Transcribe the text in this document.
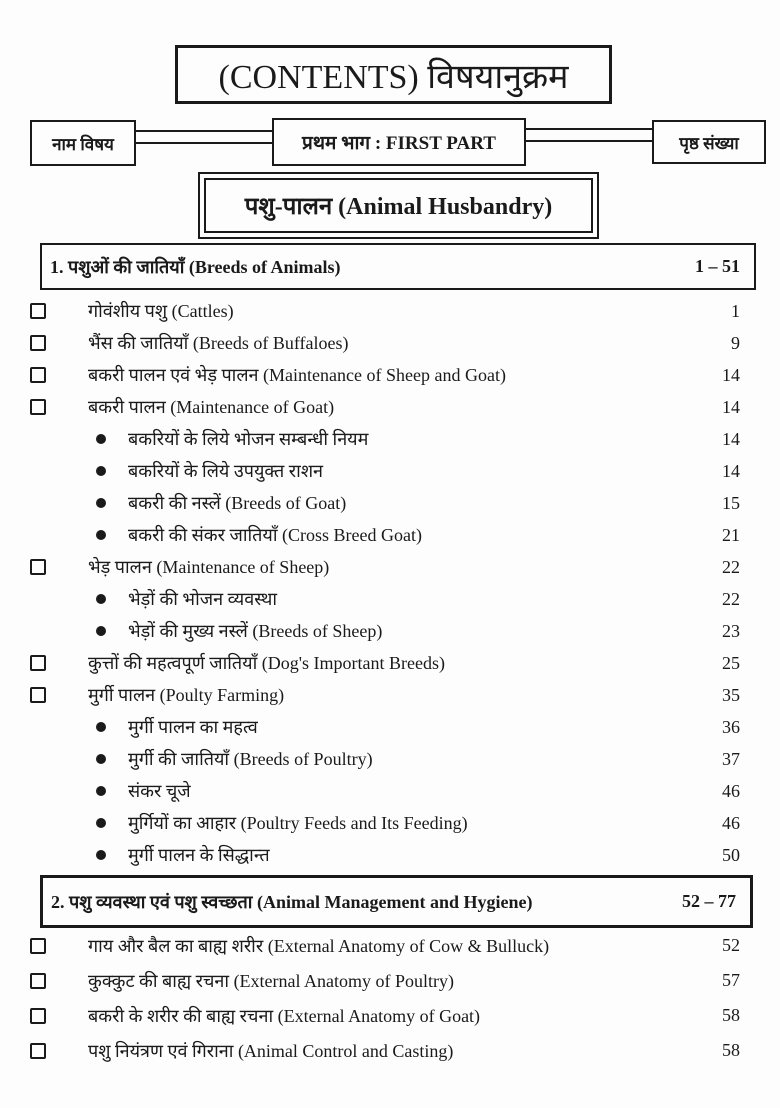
(CONTENTS) विषयानुक्रम
नाम विषय	प्रथम भाग : FIRST PART	पृष्ठ संख्या
पशु-पालन (Animal Husbandry)
1. पशुओं की जातियाँ (Breeds of Animals)	1 – 51
गोवंशीय पशु (Cattles)	1
भैंस की जातियाँ (Breeds of Buffaloes)	9
बकरी पालन एवं भेड़ पालन (Maintenance of Sheep and Goat)	14
बकरी पालन (Maintenance of Goat)	14
बकरियों के लिये भोजन सम्बन्धी नियम	14
बकरियों के लिये उपयुक्त राशन	14
बकरी की नस्लें (Breeds of Goat)	15
बकरी की संकर जातियाँ (Cross Breed Goat)	21
भेड़ पालन (Maintenance of Sheep)	22
भेड़ों की भोजन व्यवस्था	22
भेड़ों की मुख्य नस्लें (Breeds of Sheep)	23
कुत्तों की महत्वपूर्ण जातियाँ (Dog's Important Breeds)	25
मुर्गी पालन (Poulty Farming)	35
मुर्गी पालन का महत्व	36
मुर्गी की जातियाँ (Breeds of Poultry)	37
संकर चूजे	46
मुर्गियों का आहार (Poultry Feeds and Its Feeding)	46
मुर्गी पालन के सिद्धान्त	50
2. पशु व्यवस्था एवं पशु स्वच्छता (Animal Management and Hygiene)	52 – 77
गाय और बैल का बाह्य शरीर (External Anatomy of Cow & Bulluck)	52
कुक्कुट की बाह्य रचना (External Anatomy of Poultry)	57
बकरी के शरीर की बाह्य रचना (External Anatomy of Goat)	58
पशु नियंत्रण एवं गिराना (Animal Control and Casting)	58
